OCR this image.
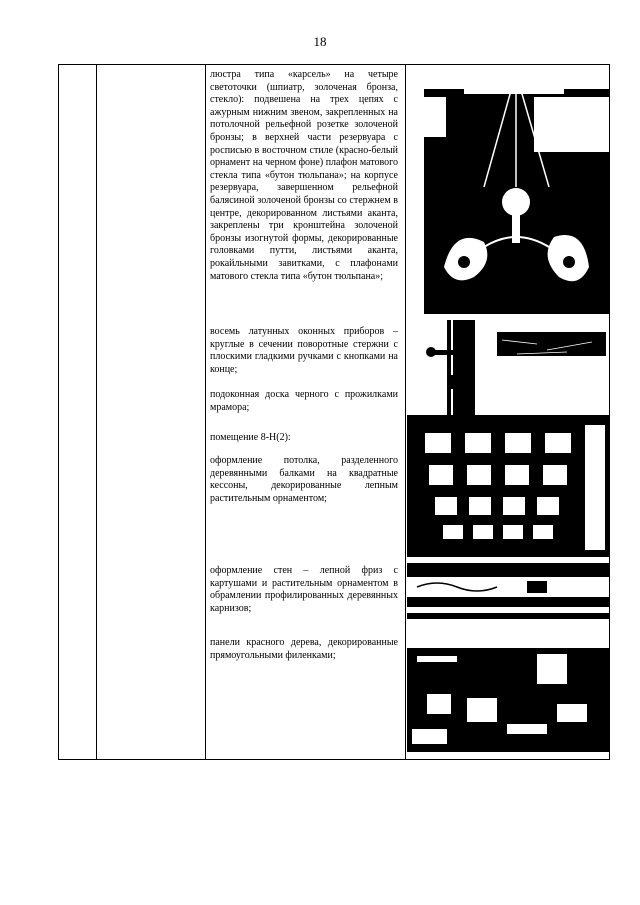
18
люстра типа «карсель» на четыре светоточки (шпиатр, золоченая бронза, стекло): подвешена на трех цепях с ажурным нижним звеном, закрепленных на потолочной рельефной розетке золоченой бронзы; в верхней части резервуара с росписью в восточном стиле (красно-белый орнамент на черном фоне) плафон матового стекла типа «бутон тюльпана»; на корпусе резервуара, завершенном рельефной балясиной золоченой бронзы со стержнем в центре, декорированном листьями аканта, закреплены три кронштейна золоченой бронзы изогнутой формы, декорированные головками путти, листьями аканта, рокайльными завитками, с плафонами матового стекла типа «бутон тюльпана»;
восемь латунных оконных приборов – круглые в сечении поворотные стержни с плоскими гладкими ручками с кнопками на конце;
подоконная доска черного с прожилками мрамора;
помещение 8-Н(2):
оформление потолка, разделенного деревянными балками на квадратные кессоны, декорированные лепным растительным орнаментом;
оформление стен – лепной фриз с картушами и растительным орнаментом в обрамлении профилированных деревянных карнизов;
панели красного дерева, декорированные прямоугольными филенками;
